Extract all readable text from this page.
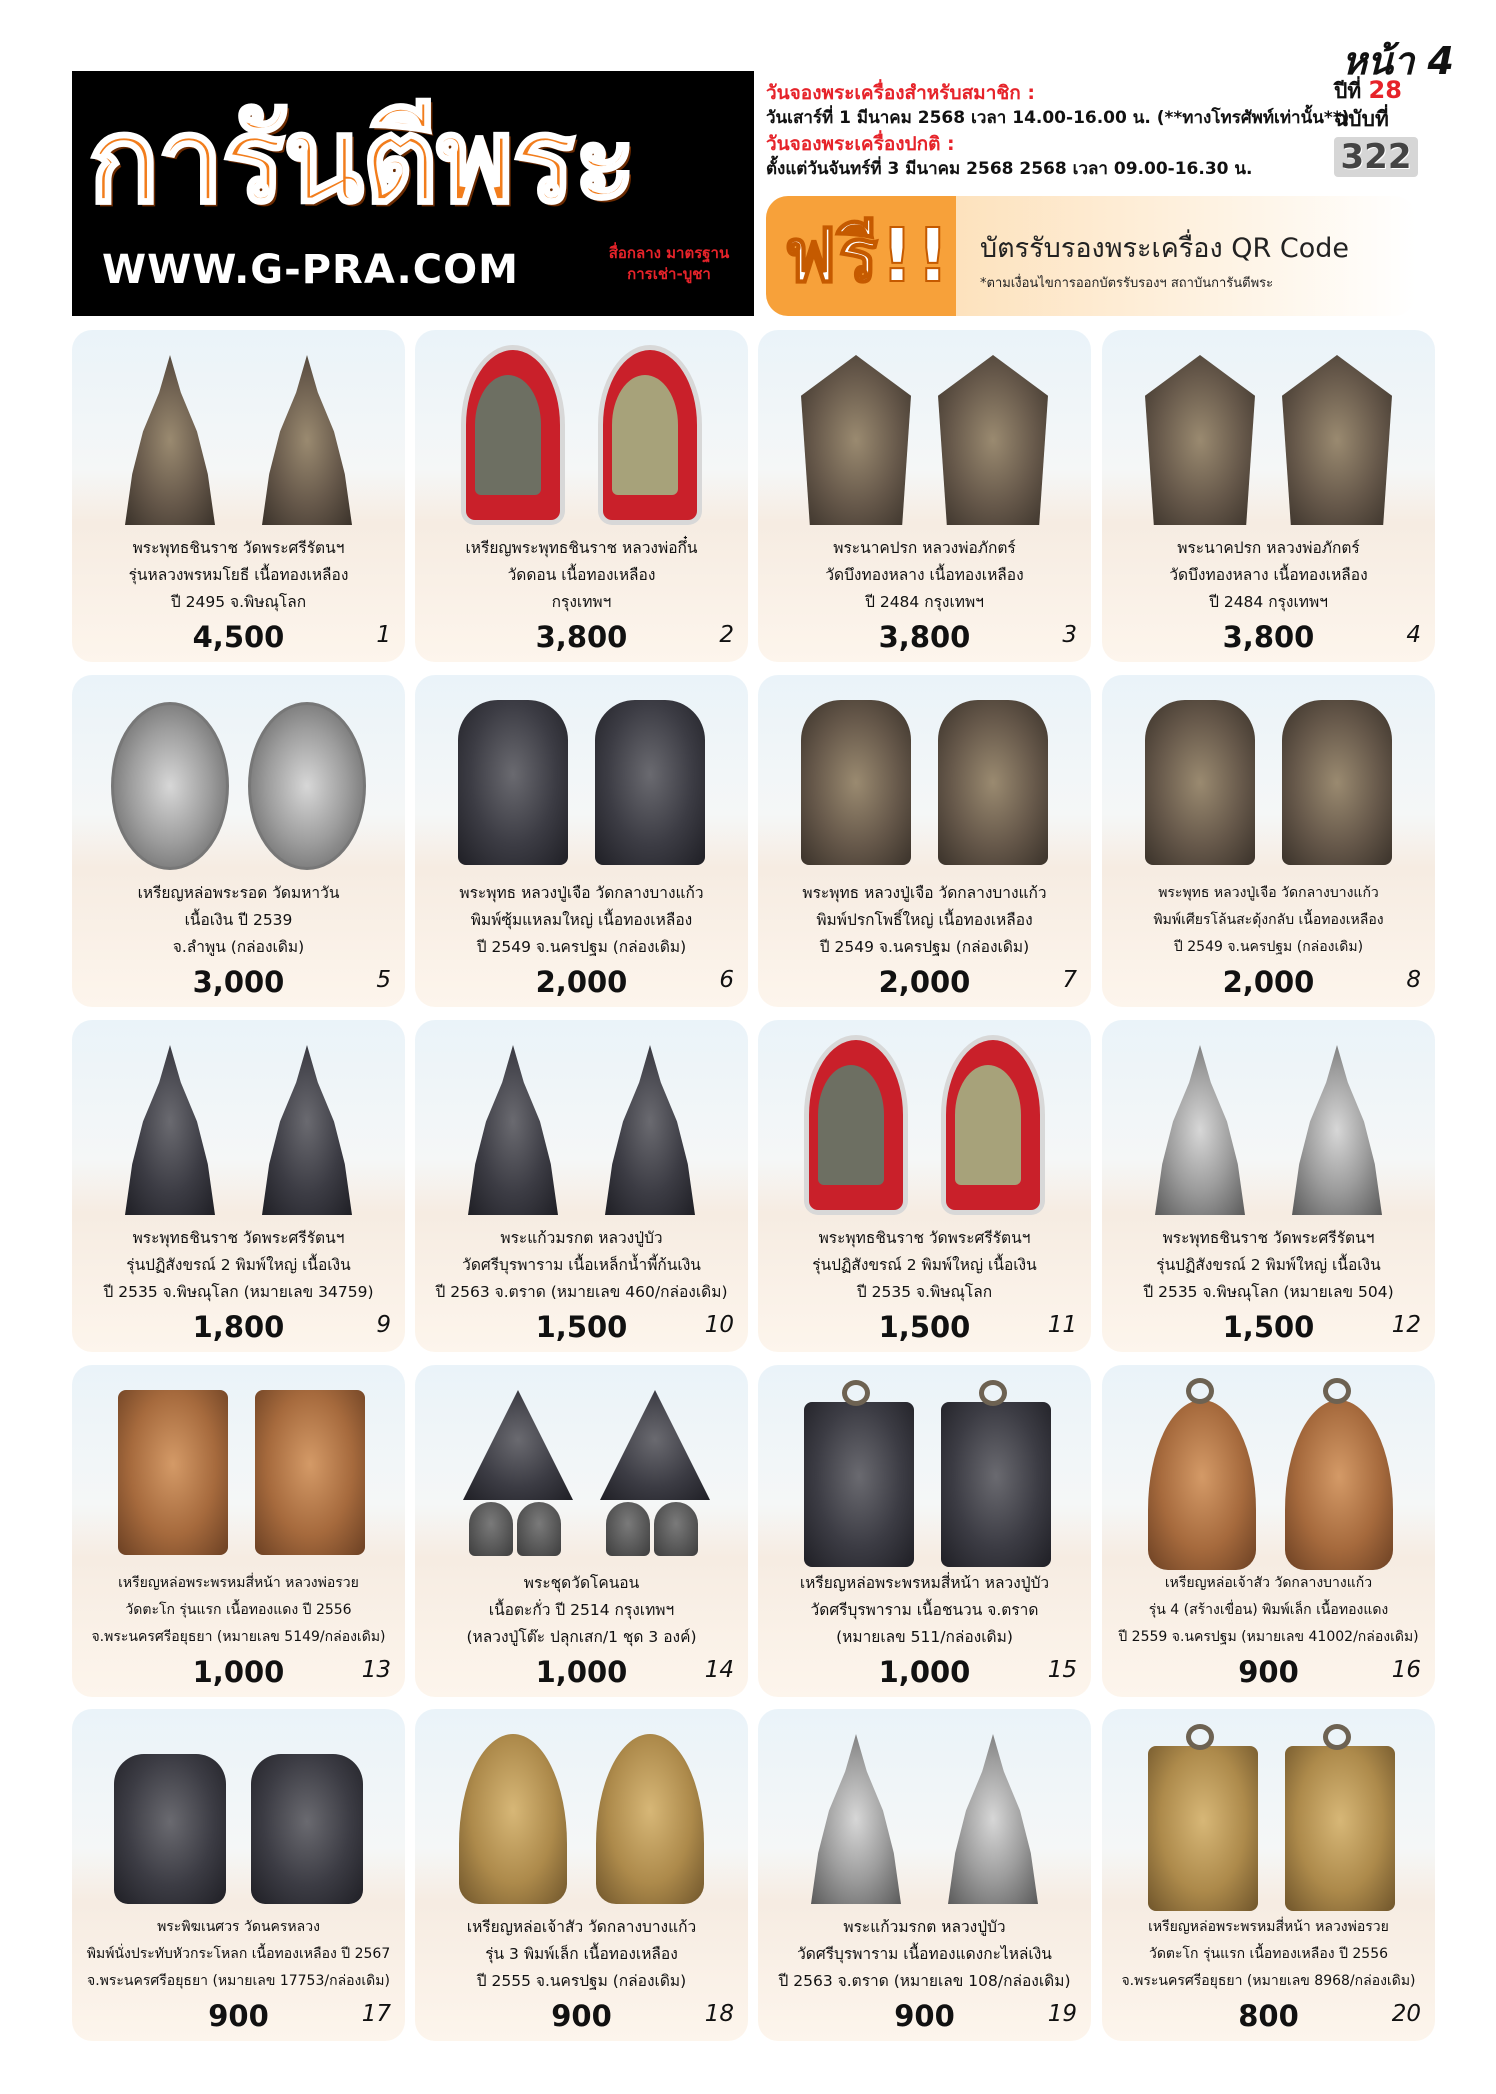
การันตีพระ
WWW.G-PRA.COM	สื่อกลาง มาตรฐาน
การเช่า-บูชา
วันจองพระเครื่องสำหรับสมาชิก :
วันเสาร์ที่ 1 มีนาคม 2568 เวลา 14.00-16.00 น. (**ทางโทรศัพท์เท่านั้น**)
วันจองพระเครื่องปกติ :
ตั้งแต่วันจันทร์ที่ 3 มีนาคม 2568 2568 เวลา 09.00-16.30 น.
หน้า 4
ปีที่ 28
ฉบับที่
322
ฟรี!! บัตรรับรองพระเครื่อง QR Code
*ตามเงื่อนไขการออกบัตรรับรองฯ สถาบันการันตีพระ
พระพุทธชินราช วัดพระศรีรัตนฯ
รุ่นหลวงพรหมโยธี เนื้อทองเหลือง
ปี 2495 จ.พิษณุโลก
4,500	1
เหรียญพระพุทธชินราช หลวงพ่อกึ๋น
วัดดอน เนื้อทองเหลือง
กรุงเทพฯ
3,800	2
พระนาคปรก หลวงพ่อภักตร์
วัดบึงทองหลาง เนื้อทองเหลือง
ปี 2484 กรุงเทพฯ
3,800	3
พระนาคปรก หลวงพ่อภักตร์
วัดบึงทองหลาง เนื้อทองเหลือง
ปี 2484 กรุงเทพฯ
3,800	4
เหรียญหล่อพระรอด วัดมหาวัน
เนื้อเงิน ปี 2539
จ.ลำพูน (กล่องเดิม)
3,000	5
พระพุทธ หลวงปู่เจือ วัดกลางบางแก้ว
พิมพ์ซุ้มแหลมใหญ่ เนื้อทองเหลือง
ปี 2549 จ.นครปฐม (กล่องเดิม)
2,000	6
พระพุทธ หลวงปู่เจือ วัดกลางบางแก้ว
พิมพ์ปรกโพธิ์ใหญ่ เนื้อทองเหลือง
ปี 2549 จ.นครปฐม (กล่องเดิม)
2,000	7
พระพุทธ หลวงปู่เจือ วัดกลางบางแก้ว
พิมพ์เศียรโล้นสะดุ้งกลับ เนื้อทองเหลือง
ปี 2549 จ.นครปฐม (กล่องเดิม)
2,000	8
พระพุทธชินราช วัดพระศรีรัตนฯ
รุ่นปฏิสังขรณ์ 2 พิมพ์ใหญ่ เนื้อเงิน
ปี 2535 จ.พิษณุโลก (หมายเลข 34759)
1,800	9
พระแก้วมรกต หลวงปู่บัว
วัดศรีบุรพาราม เนื้อเหล็กน้ำพี้ก้นเงิน
ปี 2563 จ.ตราด (หมายเลข 460/กล่องเดิม)
1,500	10
พระพุทธชินราช วัดพระศรีรัตนฯ
รุ่นปฏิสังขรณ์ 2 พิมพ์ใหญ่ เนื้อเงิน
ปี 2535 จ.พิษณุโลก
1,500	11
พระพุทธชินราช วัดพระศรีรัตนฯ
รุ่นปฏิสังขรณ์ 2 พิมพ์ใหญ่ เนื้อเงิน
ปี 2535 จ.พิษณุโลก (หมายเลข 504)
1,500	12
เหรียญหล่อพระพรหมสี่หน้า หลวงพ่อรวย
วัดตะโก รุ่นแรก เนื้อทองแดง ปี 2556
จ.พระนครศรีอยุธยา (หมายเลข 5149/กล่องเดิม)
1,000	13
พระชุดวัดโคนอน
เนื้อตะกั่ว ปี 2514 กรุงเทพฯ
(หลวงปู่โต๊ะ ปลุกเสก/1 ชุด 3 องค์)
1,000	14
เหรียญหล่อพระพรหมสี่หน้า หลวงปู่บัว
วัดศรีบุรพาราม เนื้อชนวน จ.ตราด
(หมายเลข 511/กล่องเดิม)
1,000	15
เหรียญหล่อเจ้าสัว วัดกลางบางแก้ว
รุ่น 4 (สร้างเขื่อน) พิมพ์เล็ก เนื้อทองแดง
ปี 2559 จ.นครปฐม (หมายเลข 41002/กล่องเดิม)
900	16
พระพิฆเนศวร วัดนครหลวง
พิมพ์นั่งประทับหัวกระโหลก เนื้อทองเหลือง ปี 2567
จ.พระนครศรีอยุธยา (หมายเลข 17753/กล่องเดิม)
900	17
เหรียญหล่อเจ้าสัว วัดกลางบางแก้ว
รุ่น 3 พิมพ์เล็ก เนื้อทองเหลือง
ปี 2555 จ.นครปฐม (กล่องเดิม)
900	18
พระแก้วมรกต หลวงปู่บัว
วัดศรีบุรพาราม เนื้อทองแดงกะไหล่เงิน
ปี 2563 จ.ตราด (หมายเลข 108/กล่องเดิม)
900	19
เหรียญหล่อพระพรหมสี่หน้า หลวงพ่อรวย
วัดตะโก รุ่นแรก เนื้อทองเหลือง ปี 2556
จ.พระนครศรีอยุธยา (หมายเลข 8968/กล่องเดิม)
800	20
